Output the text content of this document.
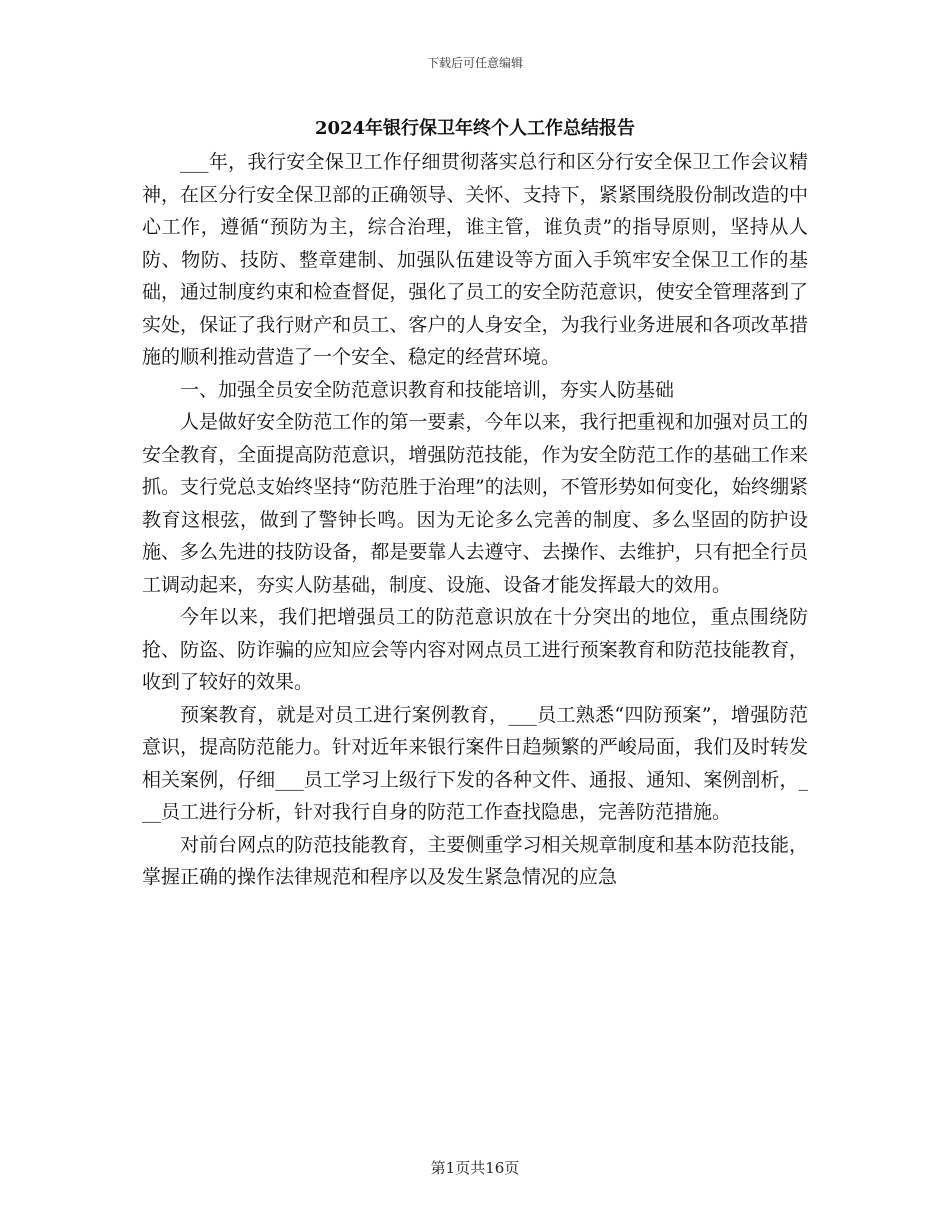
下载后可任意编辑
2024年银行保卫年终个人工作总结报告

___年，我行安全保卫工作仔细贯彻落实总行和区分行安全保卫工作会议精神，在区分行安全保卫部的正确领导、关怀、支持下，紧紧围绕股份制改造的中心工作，遵循“预防为主，综合治理，谁主管，谁负责”的指导原则，坚持从人防、物防、技防、整章建制、加强队伍建设等方面入手筑牢安全保卫工作的基础，通过制度约束和检查督促，强化了员工的安全防范意识，使安全管理落到了实处，保证了我行财产和员工、客户的人身安全，为我行业务进展和各项改革措施的顺利推动营造了一个安全、稳定的经营环境。

一、加强全员安全防范意识教育和技能培训，夯实人防基础

人是做好安全防范工作的第一要素，今年以来，我行把重视和加强对员工的安全教育，全面提高防范意识，增强防范技能，作为安全防范工作的基础工作来抓。支行党总支始终坚持“防范胜于治理”的法则，不管形势如何变化，始终绷紧教育这根弦，做到了警钟长鸣。因为无论多么完善的制度、多么坚固的防护设施、多么先进的技防设备，都是要靠人去遵守、去操作、去维护，只有把全行员工调动起来，夯实人防基础，制度、设施、设备才能发挥最大的效用。

今年以来，我们把增强员工的防范意识放在十分突出的地位，重点围绕防抢、防盗、防诈骗的应知应会等内容对网点员工进行预案教育和防范技能教育，收到了较好的效果。

预案教育，就是对员工进行案例教育，___员工熟悉“四防预案”，增强防范意识，提高防范能力。针对近年来银行案件日趋频繁的严峻局面，我们及时转发相关案例，仔细___员工学习上级行下发的各种文件、通报、通知、案例剖析，___员工进行分析，针对我行自身的防范工作查找隐患，完善防范措施。

对前台网点的防范技能教育，主要侧重学习相关规章制度和基本防范技能，掌握正确的操作法律规范和程序以及发生紧急情况的应急

第1页共16页
